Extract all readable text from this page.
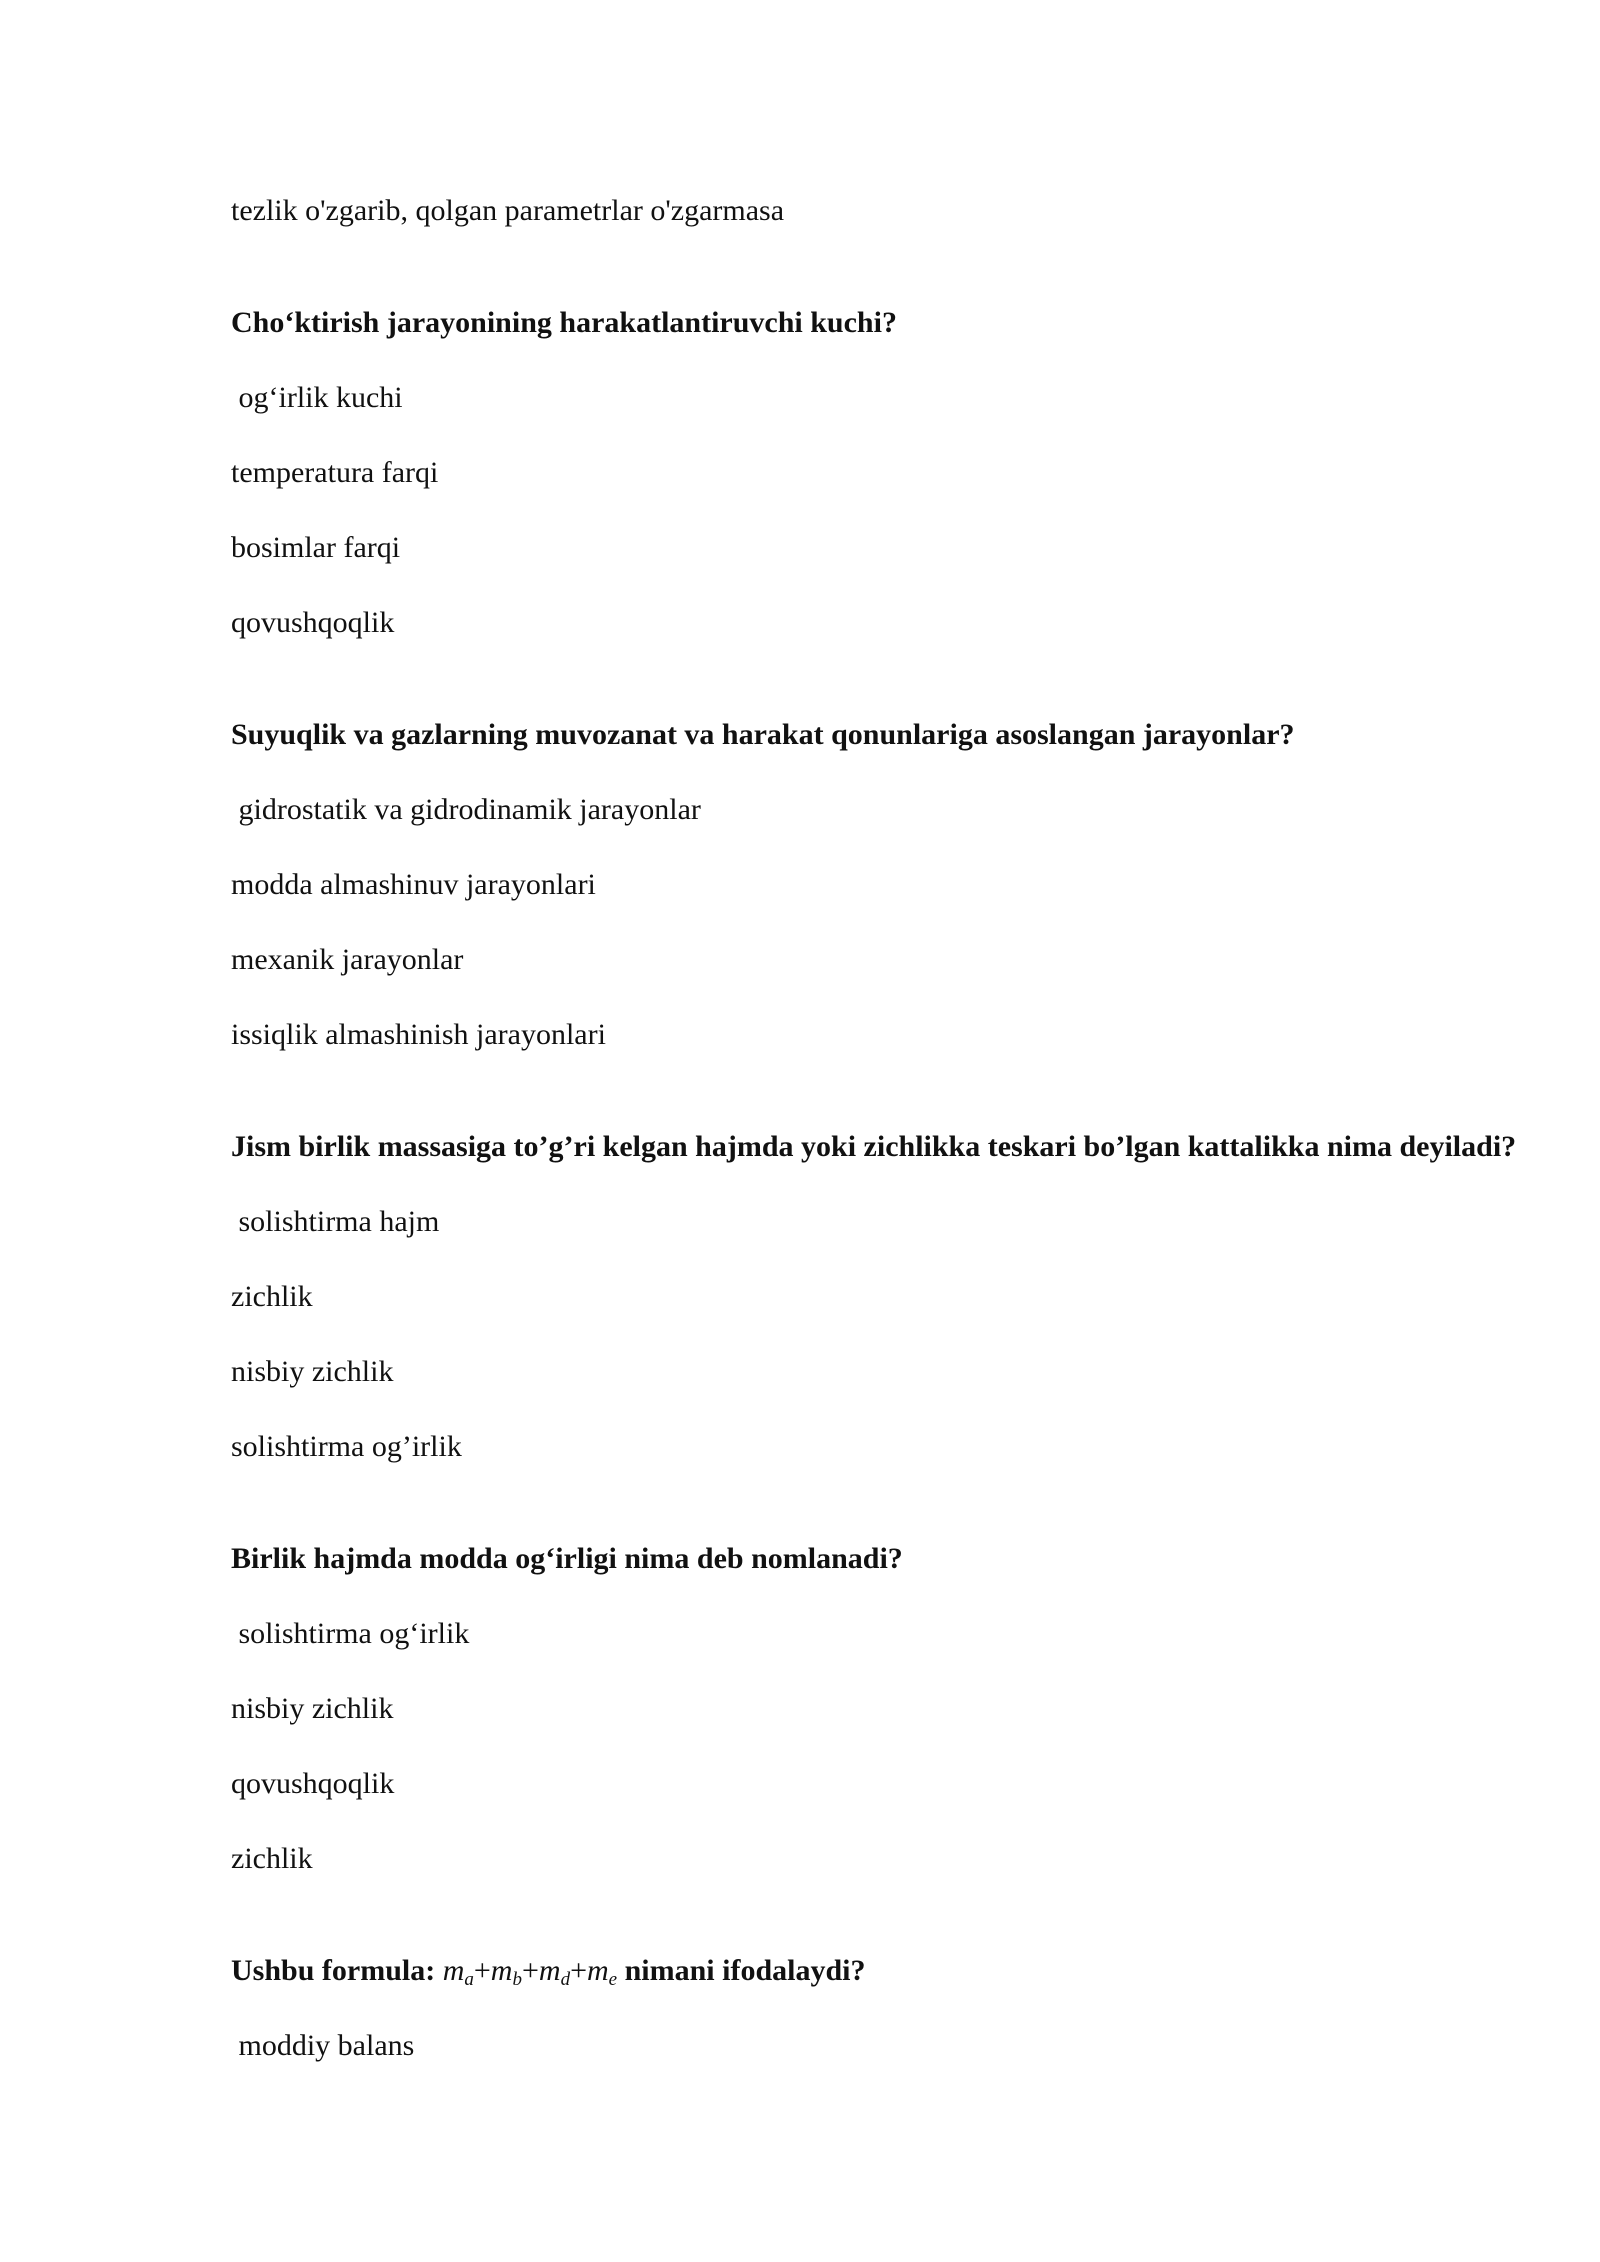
tezlik o'zgarib, qolgan parametrlar o'zgarmasa

Cho‘ktirish jarayonining harakatlantiruvchi kuchi?

og‘irlik kuchi

temperatura farqi

bosimlar farqi

qovushqoqlik

Suyuqlik va gazlarning muvozanat va harakat qonunlariga asoslangan jarayonlar?

gidrostatik va gidrodinamik jarayonlar

modda almashinuv jarayonlari

mexanik jarayonlar

issiqlik almashinish jarayonlari

Jism birlik massasiga to’g’ri kelgan hajmda yoki zichlikka teskari bo’lgan kattalikka nima deyiladi?

solishtirma hajm

zichlik

nisbiy zichlik

solishtirma og’irlik

Birlik hajmda modda og‘irligi nima deb nomlanadi?

solishtirma og‘irlik

nisbiy zichlik

qovushqoqlik

zichlik

Ushbu formula: $m_a+m_b+m_d+m_e$ nimani ifodalaydi?

moddiy balans
